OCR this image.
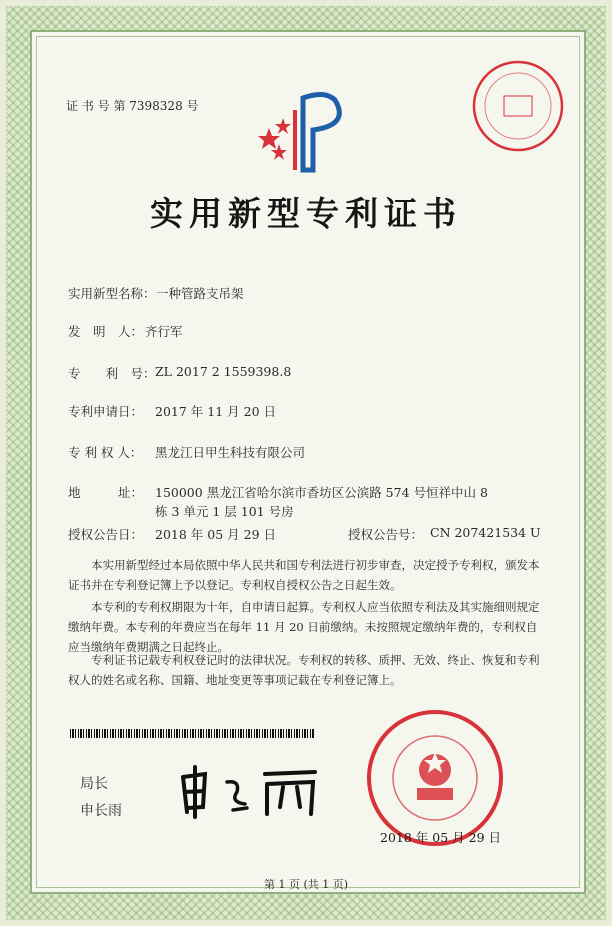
证 书 号 第 7398328 号
实用新型专利证书
实用新型名称： 一种管路支吊架
发　明　人： 齐行军
专　　利　号： ZL 2017 2 1559398.8
专利申请日： 2017 年 11 月 20 日
专 利 权 人： 黑龙江日甲生科技有限公司
地　　　址： 150000 黑龙江省哈尔滨市香坊区公滨路 574 号恒祥中山 8
栋 3 单元 1 层 101 号房
授权公告日： 2018 年 05 月 29 日	授权公告号： CN 207421534 U
　　本实用新型经过本局依照中华人民共和国专利法进行初步审查，决定授予专利权，颁发本证书并在专利登记簿上予以登记。专利权自授权公告之日起生效。
　　本专利的专利权期限为十年，自申请日起算。专利权人应当依照专利法及其实施细则规定缴纳年费。本专利的年费应当在每年 11 月 20 日前缴纳。未按照规定缴纳年费的，专利权自应当缴纳年费期满之日起终止。
　　专利证书记载专利权登记时的法律状况。专利权的转移、质押、无效、终止、恢复和专利权人的姓名或名称、国籍、地址变更等事项记载在专利登记簿上。
局长
申长雨
2018 年 05 月 29 日
第 1 页 (共 1 页)
